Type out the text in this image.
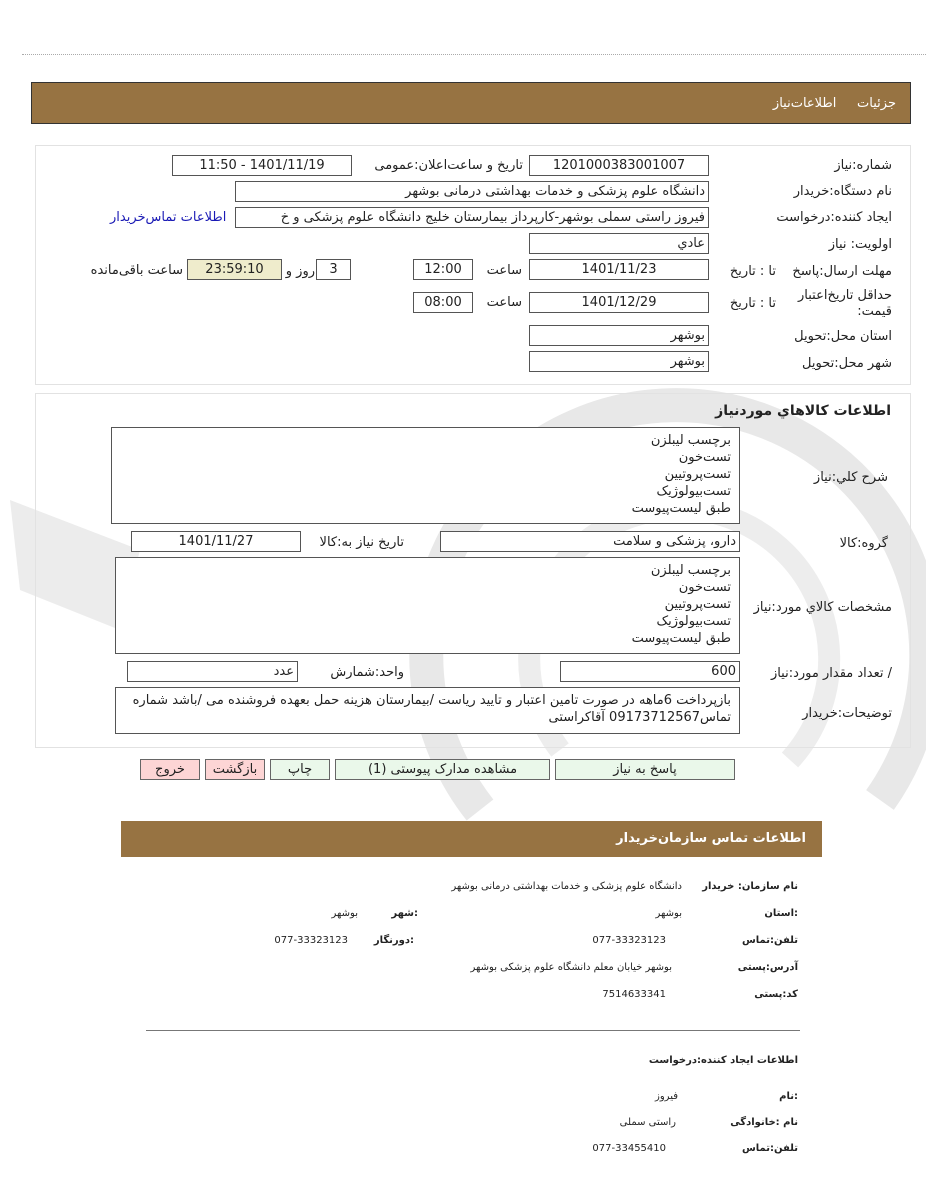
جزئیات     اطلاعات‌نیاز
شماره:نیاز
1201000383001007
تاریخ و ساعت‌اعلان:عمومی
1401/11/19 - 11:50
نام دستگاه:خریدار
دانشگاه علوم پزشکی و خدمات بهداشتی درمانی بوشهر
ایجاد کننده:درخواست
فیروز راستی سملی بوشهر-کارپرداز بیمارستان خلیج دانشگاه علوم پزشکی و خ
اطلاعات تماس‌خریدار
اولویت: نیاز
عادي
مهلت ارسال:پاسخ
تا : تاریخ
1401/11/23
ساعت
12:00
3
روز و
23:59:10
ساعت باقی‌مانده
حداقل تاریخ‌اعتبار
قیمت:
تا : تاریخ
1401/12/29
ساعت
08:00
استان محل:تحویل
بوشهر
شهر محل:تحویل
بوشهر
اطلاعات کالاهاي موردنياز
شرح کلي:نياز
برچسب لیبلزن
تست‌خون
تست‌پروتیین
تست‌بیولوژیک
طبق لیست‌پیوست
گروه:کالا
دارو، پزشکی و سلامت
تاریخ نیاز به:کالا
1401/11/27
مشخصات کالاي مورد:نياز
برچسب لیبلزن
تست‌خون
تست‌پروتیین
تست‌بیولوژیک
طبق لیست‌پیوست
/ تعداد مقدار مورد:نیاز
600
واحد:شمارش
عدد
توضیحات:خریدار
بازپرداخت 6ماهه در صورت تامین اعتبار و تایید ریاست /بیمارستان هزینه حمل بعهده فروشنده می /باشد شماره تماس09173712567 آقاکراستی
پاسخ به نیاز
مشاهده مدارک پیوستی (1)
چاپ
بازگشت
خروج
اطلاعات تماس سازمان‌خریدار
نام سازمان: خریدار
دانشگاه علوم پزشکی و خدمات بهداشتی درمانی بوشهر
:استان
بوشهر
:شهر
بوشهر
تلفن:تماس
077-33323123
:دورنگار
077-33323123
آدرس:پستی
بوشهر خیابان معلم دانشگاه علوم پزشکی بوشهر
کد:پستی
7514633341
اطلاعات ایجاد کننده:درخواست
:نام
فیروز
نام :خانوادگی
راستی سملی
تلفن:تماس
077-33455410
